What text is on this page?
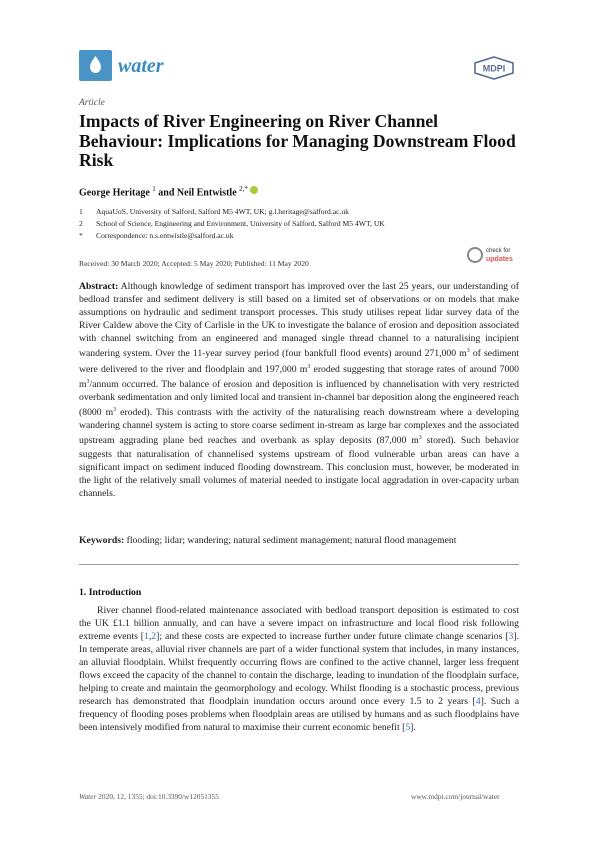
water	MDPI
Article
Impacts of River Engineering on River Channel Behaviour: Implications for Managing Downstream Flood Risk
George Heritage $^1$ and Neil Entwistle $^{2,*}$
1 AquaUoS, University of Salford, Salford M5 4WT, UK; g.l.heritage@salford.ac.uk
2 School of Science, Engineering and Environment, University of Salford, Salford M5 4WT, UK
* Correspondence: n.s.entwistle@salford.ac.uk
Received: 30 March 2020; Accepted: 5 May 2020; Published: 11 May 2020
check for
updates
Abstract: Although knowledge of sediment transport has improved over the last 25 years, our understanding of bedload transfer and sediment delivery is still based on a limited set of observations or on models that make assumptions on hydraulic and sediment transport processes. This study utilises repeat lidar survey data of the River Caldew above the City of Carlisle in the UK to investigate the balance of erosion and deposition associated with channel switching from an engineered and managed single thread channel to a naturalising incipient wandering system. Over the 11-year survey period (four bankfull flood events) around 271,000 $m^3$ of sediment were delivered to the river and floodplain and 197,000 $m^3$ eroded suggesting that storage rates of around 7000 $m^3$/annum occurred. The balance of erosion and deposition is influenced by channelisation with very restricted overbank sedimentation and only limited local and transient in-channel bar deposition along the engineered reach (8000 $m^3$ eroded). This contrasts with the activity of the naturalising reach downstream where a developing wandering channel system is acting to store coarse sediment in-stream as large bar complexes and the associated upstream aggrading plane bed reaches and overbank as splay deposits (87,000 $m^3$ stored). Such behavior suggests that naturalisation of channelised systems upstream of flood vulnerable urban areas can have a significant impact on sediment induced flooding downstream. This conclusion must, however, be moderated in the light of the relatively small volumes of material needed to instigate local aggradation in over-capacity urban channels.
Keywords: flooding; lidar; wandering; natural sediment management; natural flood management
1. Introduction
River channel flood-related maintenance associated with bedload transport deposition is estimated to cost the UK £1.1 billion annually, and can have a severe impact on infrastructure and local flood risk following extreme events [1,2]; and these costs are expected to increase further under future climate change scenarios [3]. In temperate areas, alluvial river channels are part of a wider functional system that includes, in many instances, an alluvial floodplain. Whilst frequently occurring flows are confined to the active channel, larger less frequent flows exceed the capacity of the channel to contain the discharge, leading to inundation of the floodplain surface, helping to create and maintain the geomorphology and ecology. Whilst flooding is a stochastic process, previous research has demonstrated that floodplain inundation occurs around once every 1.5 to 2 years [4]. Such a frequency of flooding poses problems when floodplain areas are utilised by humans and as such floodplains have been intensively modified from natural to maximise their current economic benefit [5].
Water 2020, 12, 1355; doi:10.3390/w12051355	www.mdpi.com/journal/water
